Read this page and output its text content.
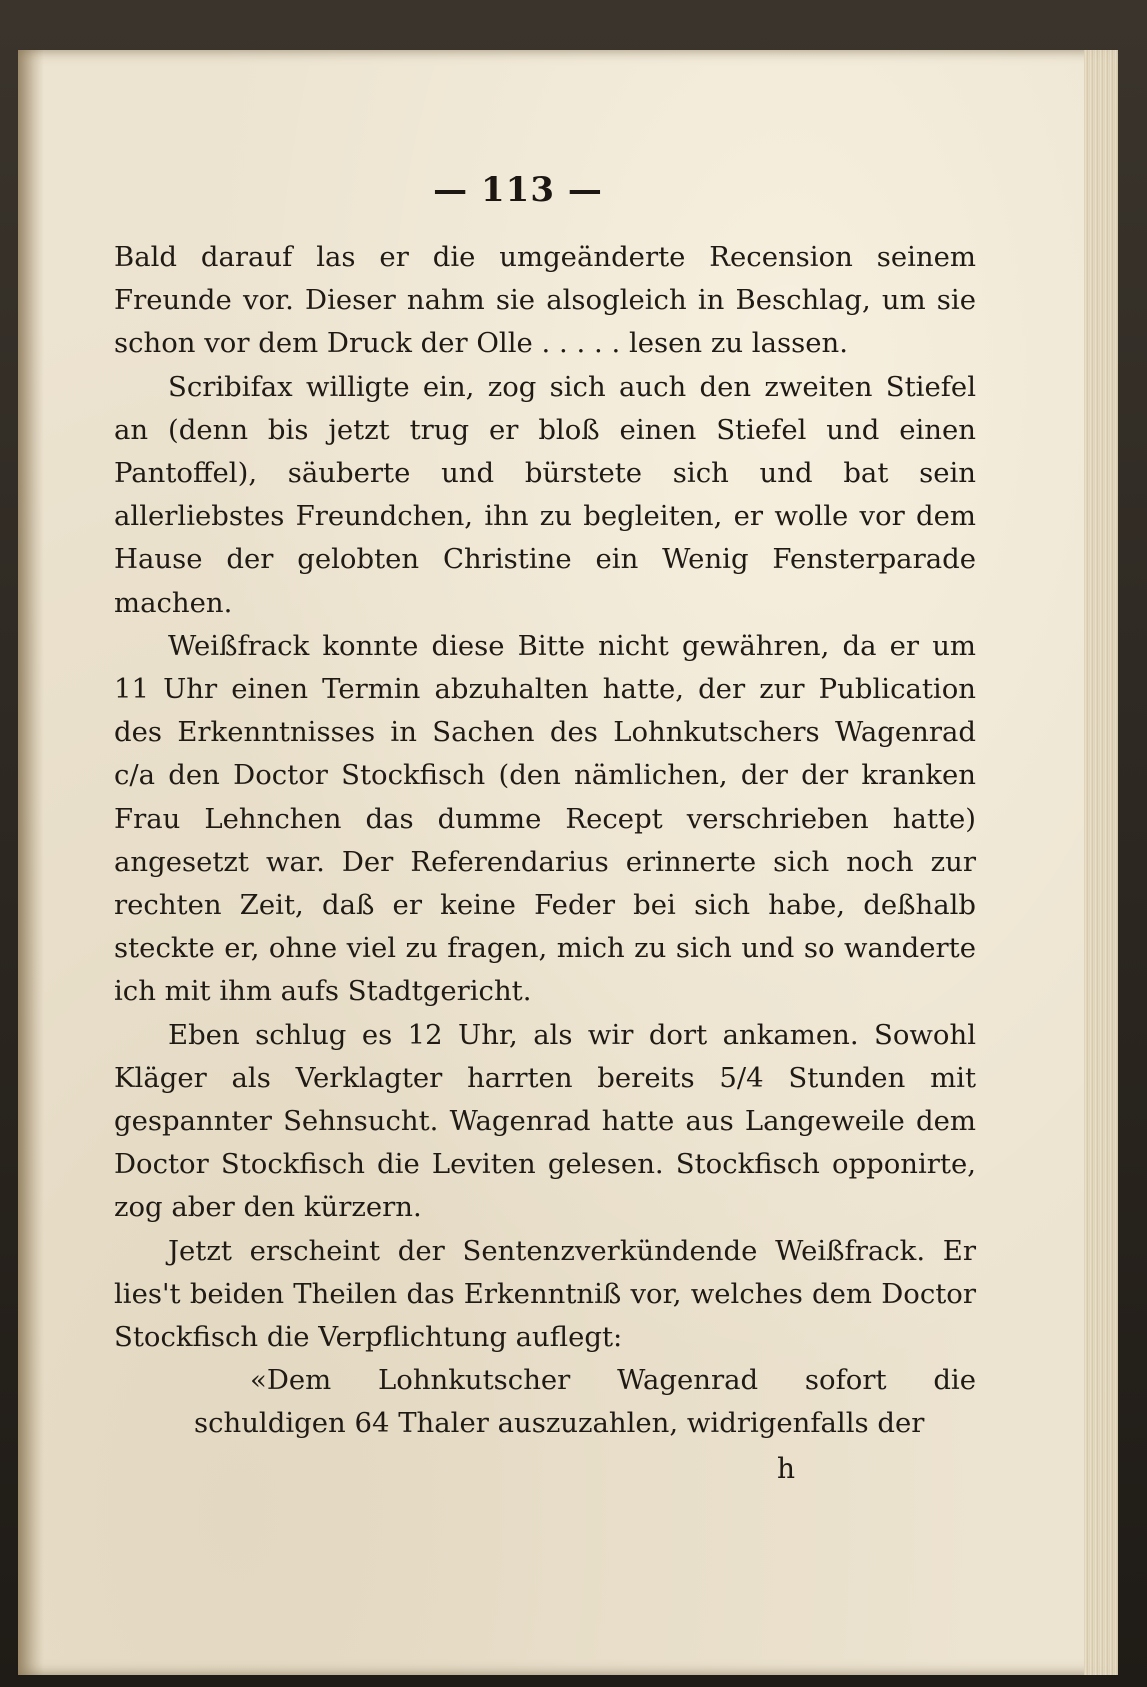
— 113 —

Bald darauf las er die umgeänderte Recension seinem Freunde vor. Dieser nahm sie alsogleich in Beschlag, um sie schon vor dem Druck der Olle . . . . . lesen zu lassen.

Scribifax willigte ein, zog sich auch den zweiten Stiefel an (denn bis jetzt trug er bloß einen Stiefel und einen Pantoffel), säuberte und bürstete sich und bat sein allerliebstes Freundchen, ihn zu begleiten, er wolle vor dem Hause der gelobten Christine ein Wenig Fensterparade machen.

Weißfrack konnte diese Bitte nicht gewähren, da er um 11 Uhr einen Termin abzuhalten hatte, der zur Publication des Erkenntnisses in Sachen des Lohnkutschers Wagenrad c/a den Doctor Stockfisch (den nämlichen, der der kranken Frau Lehnchen das dumme Recept verschrieben hatte) angesetzt war. Der Referendarius erinnerte sich noch zur rechten Zeit, daß er keine Feder bei sich habe, deßhalb steckte er, ohne viel zu fragen, mich zu sich und so wanderte ich mit ihm aufs Stadtgericht.

Eben schlug es 12 Uhr, als wir dort ankamen. Sowohl Kläger als Verklagter harrten bereits 5/4 Stunden mit gespannter Sehnsucht. Wagenrad hatte aus Langeweile dem Doctor Stockfisch die Leviten gelesen. Stockfisch opponirte, zog aber den kürzern.

Jetzt erscheint der Sentenzverkündende Weißfrack. Er lies't beiden Theilen das Erkenntniß vor, welches dem Doctor Stockfisch die Verpflichtung auflegt:

«Dem Lohnkutscher Wagenrad sofort die schuldigen 64 Thaler auszuzahlen, widrigenfalls der

h
